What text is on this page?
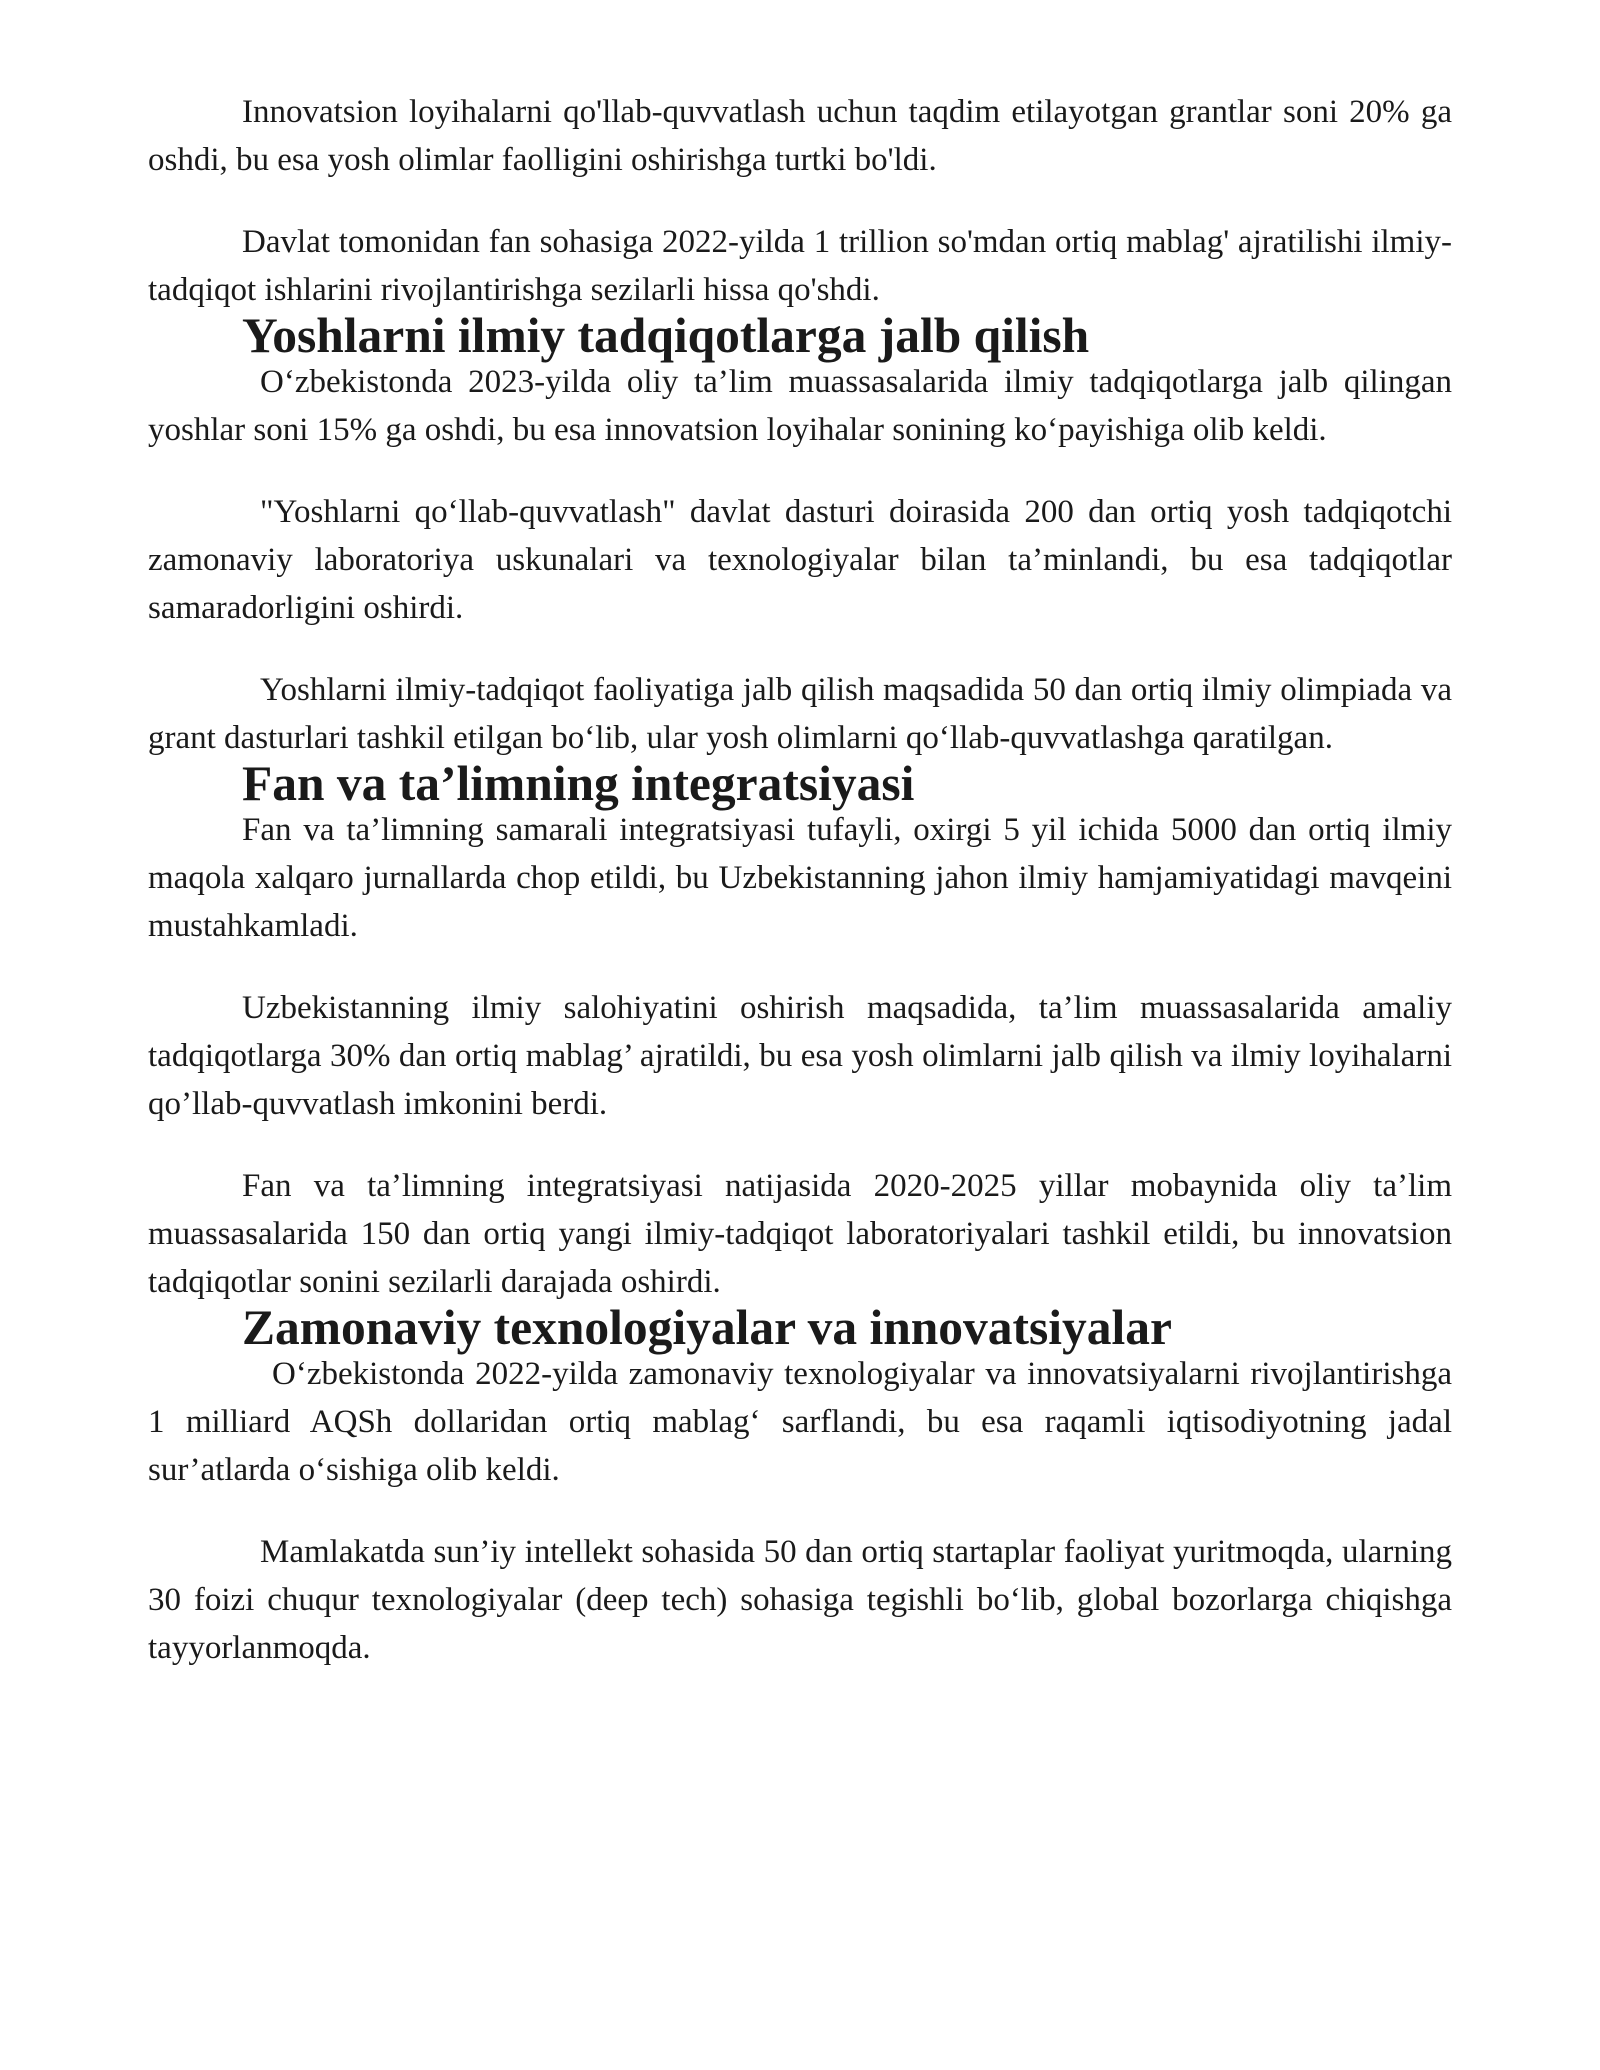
Innovatsion loyihalarni qo'llab-quvvatlash uchun taqdim etilayotgan grantlar soni 20% ga oshdi, bu esa yosh olimlar faolligini oshirishga turtki bo'ldi.

Davlat tomonidan fan sohasiga 2022-yilda 1 trillion so'mdan ortiq mablag' ajratilishi ilmiy-tadqiqot ishlarini rivojlantirishga sezilarli hissa qo'shdi.

Yoshlarni ilmiy tadqiqotlarga jalb qilish

O‘zbekistonda 2023-yilda oliy ta’lim muassasalarida ilmiy tadqiqotlarga jalb qilingan yoshlar soni 15% ga oshdi, bu esa innovatsion loyihalar sonining ko‘payishiga olib keldi.

"Yoshlarni qo‘llab-quvvatlash" davlat dasturi doirasida 200 dan ortiq yosh tadqiqotchi zamonaviy laboratoriya uskunalari va texnologiyalar bilan ta’minlandi, bu esa tadqiqotlar samaradorligini oshirdi.

Yoshlarni ilmiy-tadqiqot faoliyatiga jalb qilish maqsadida 50 dan ortiq ilmiy olimpiada va grant dasturlari tashkil etilgan bo‘lib, ular yosh olimlarni qo‘llab-quvvatlashga qaratilgan.

Fan va ta’limning integratsiyasi

Fan va ta’limning samarali integratsiyasi tufayli, oxirgi 5 yil ichida 5000 dan ortiq ilmiy maqola xalqaro jurnallarda chop etildi, bu Uzbekistanning jahon ilmiy hamjamiyatidagi mavqeini mustahkamladi.

Uzbekistanning ilmiy salohiyatini oshirish maqsadida, ta’lim muassasalarida amaliy tadqiqotlarga 30% dan ortiq mablag’ ajratildi, bu esa yosh olimlarni jalb qilish va ilmiy loyihalarni qo’llab-quvvatlash imkonini berdi.

Fan va ta’limning integratsiyasi natijasida 2020-2025 yillar mobaynida oliy ta’lim muassasalarida 150 dan ortiq yangi ilmiy-tadqiqot laboratoriyalari tashkil etildi, bu innovatsion tadqiqotlar sonini sezilarli darajada oshirdi.

Zamonaviy texnologiyalar va innovatsiyalar

O‘zbekistonda 2022-yilda zamonaviy texnologiyalar va innovatsiyalarni rivojlantirishga 1 milliard AQSh dollaridan ortiq mablag‘ sarflandi, bu esa raqamli iqtisodiyotning jadal sur’atlarda o‘sishiga olib keldi.

Mamlakatda sun’iy intellekt sohasida 50 dan ortiq startaplar faoliyat yuritmoqda, ularning 30 foizi chuqur texnologiyalar (deep tech) sohasiga tegishli bo‘lib, global bozorlarga chiqishga tayyorlanmoqda.
